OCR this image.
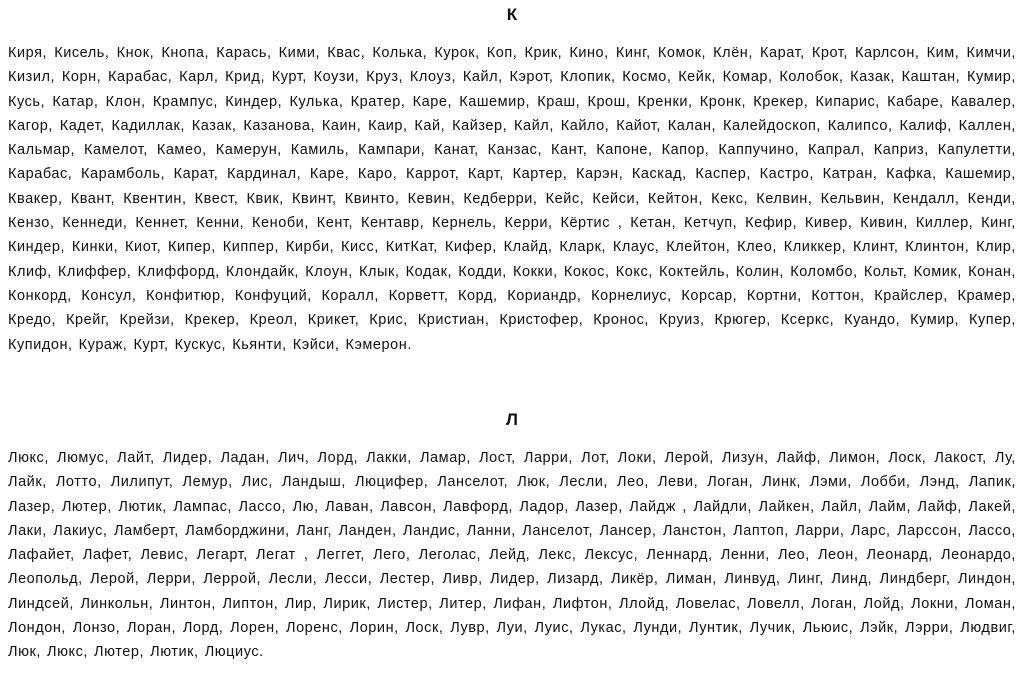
К
Киря, Кисель, Кнок, Кнопа, Карась, Кими, Квас, Колька, Курок, Коп, Крик, Кино, Кинг, Комок, Клён, Карат, Крот, Карлсон, Ким, Кимчи, Кизил, Корн, Карабас, Карл, Крид, Курт, Коузи, Круз, Клоуз, Кайл, Кэрот, Клопик, Космо, Кейк, Комар, Колобок, Казак, Каштан, Кумир, Кусь, Катар, Клон, Крампус, Киндер, Кулька, Кратер, Каре, Кашемир, Краш, Крош, Кренки, Кронк, Крекер, Кипарис, Кабаре, Кавалер, Кагор, Кадет, Кадиллак, Казак, Казанова, Каин, Каир, Кай, Кайзер, Кайл, Кайло, Кайот, Калан, Калейдоскоп, Калипсо, Калиф, Каллен, Кальмар, Камелот, Камео, Камерун, Камиль, Кампари, Канат, Канзас, Кант, Капоне, Капор, Каппучино, Капрал, Каприз, Капулетти, Карабас, Карамболь, Карат, Кардинал, Каре, Каро, Каррот, Карт, Картер, Карэн, Каскад, Каспер, Кастро, Катран, Кафка, Кашемир, Квакер, Квант, Квентин, Квест, Квик, Квинт, Квинто, Кевин, Кедберри, Кейс, Кейси, Кейтон, Кекс, Келвин, Кельвин, Кендалл, Кенди, Кензо, Кеннеди, Кеннет, Кенни, Кеноби, Кент, Кентавр, Кернель, Керри, Кёртис , Кетан, Кетчуп, Кефир, Кивер, Кивин, Киллер, Кинг, Киндер, Кинки, Киот, Кипер, Киппер, Кирби, Кисс, КитКат, Кифер, Клайд, Кларк, Клаус, Клейтон, Клео, Кликкер, Клинт, Клинтон, Клир, Клиф, Клиффер, Клиффорд, Клондайк, Клоун, Клык, Кодак, Кодди, Кокки, Кокос, Кокс, Коктейль, Колин, Коломбо, Кольт, Комик, Конан, Конкорд, Консул, Конфитюр, Конфуций, Коралл, Корветт, Корд, Кориандр, Корнелиус, Корсар, Кортни, Коттон, Крайслер, Крамер, Кредо, Крейг, Крейзи, Крекер, Креол, Крикет, Крис, Кристиан, Кристофер, Кронос, Круиз, Крюгер, Ксеркс, Куандо, Кумир, Купер, Купидон, Кураж, Курт, Кускус, Кьянти, Кэйси, Кэмерон.
Л
Люкс, Люмус, Лайт, Лидер, Ладан, Лич, Лорд, Лакки, Ламар, Лост, Ларри, Лот, Локи, Лерой, Лизун, Лайф, Лимон, Лоск, Лакост, Лу, Лайк, Лотто, Лилипут, Лемур, Лис, Ландыш, Люцифер, Ланселот, Люк, Лесли, Лео, Леви, Логан, Линк, Лэми, Лобби, Лэнд, Лапик, Лазер, Лютер, Лютик, Лампас, Лассо, Лю, Лаван, Лавсон, Лавфорд, Ладор, Лазер, Лайдж , Лайдли, Лайкен, Лайл, Лайм, Лайф, Лакей, Лаки, Лакиус, Ламберт, Ламборджини, Ланг, Ланден, Ландис, Ланни, Ланселот, Лансер, Ланстон, Лаптоп, Ларри, Ларс, Ларссон, Лассо, Лафайет, Лафет, Левис, Легарт, Легат , Леггет, Лего, Леголас, Лейд, Лекс, Лексус, Леннард, Ленни, Лео, Леон, Леонард, Леонардо, Леопольд, Лерой, Лерри, Леррой, Лесли, Лесси, Лестер, Ливр, Лидер, Лизард, Ликёр, Лиман, Линвуд, Линг, Линд, Линдберг, Линдон, Линдсей, Линкольн, Линтон, Липтон, Лир, Лирик, Листер, Литер, Лифан, Лифтон, Ллойд, Ловелас, Ловелл, Логан, Лойд, Локни, Ломан, Лондон, Лонзо, Лоран, Лорд, Лорен, Лоренс, Лорин, Лоск, Лувр, Луи, Луис, Лукас, Лунди, Лунтик, Лучик, Льюис, Лэйк, Лэрри, Людвиг, Люк, Люкс, Лютер, Лютик, Люциус.
